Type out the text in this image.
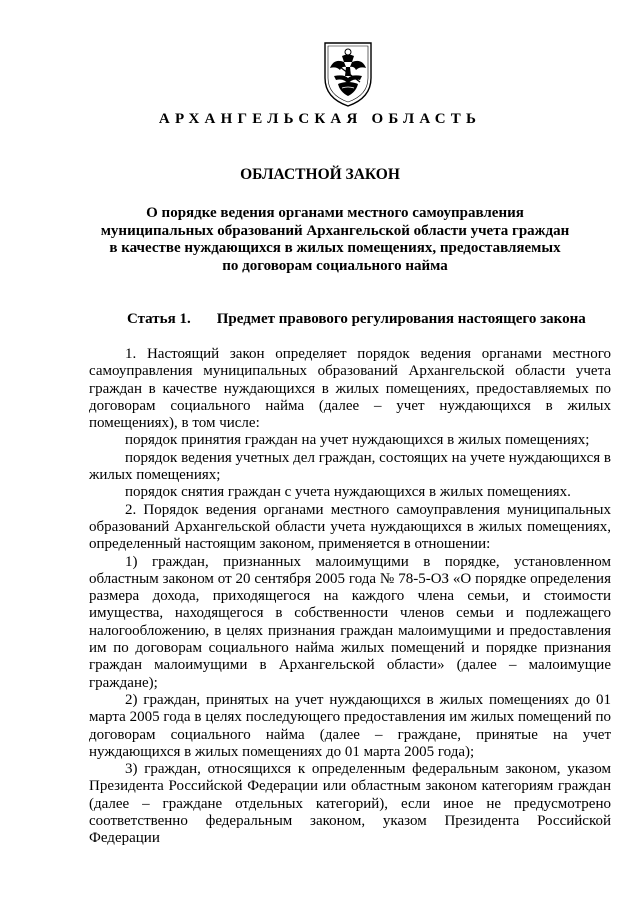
АРХАНГЕЛЬСКАЯ ОБЛАСТЬ
ОБЛАСТНОЙ ЗАКОН
О порядке ведения органами местного самоуправления
муниципальных образований Архангельской области учета граждан
в качестве нуждающихся в жилых помещениях, предоставляемых
по договорам социального найма
Статья 1. Предмет правового регулирования настоящего закона

1. Настоящий закон определяет порядок ведения органами местного самоуправления муниципальных образований Архангельской области учета граждан в качестве нуждающихся в жилых помещениях, предоставляемых по договорам социального найма (далее – учет нуждающихся в жилых помещениях), в том числе:

порядок принятия граждан на учет нуждающихся в жилых помещениях;

порядок ведения учетных дел граждан, состоящих на учете нуждающихся в жилых помещениях;

порядок снятия граждан с учета нуждающихся в жилых помещениях.

2. Порядок ведения органами местного самоуправления муниципальных образований Архангельской области учета нуждающихся в жилых помещениях, определенный настоящим законом, применяется в отношении:

1) граждан, признанных малоимущими в порядке, установленном областным законом от 20 сентября 2005 года № 78-5-ОЗ «О порядке определения размера дохода, приходящегося на каждого члена семьи, и стоимости имущества, находящегося в собственности членов семьи и подлежащего налогообложению, в целях признания граждан малоимущими и предоставления им по договорам социального найма жилых помещений и порядке признания граждан малоимущими в Архангельской области» (далее – малоимущие граждане);

2) граждан, принятых на учет нуждающихся в жилых помещениях до 01 марта 2005 года в целях последующего предоставления им жилых помещений по договорам социального найма (далее – граждане, принятые на учет нуждающихся в жилых помещениях до 01 марта 2005 года);

3) граждан, относящихся к определенным федеральным законом, указом Президента Российской Федерации или областным законом категориям граждан (далее – граждане отдельных категорий), если иное не предусмотрено соответственно федеральным законом, указом Президента Российской Федерации
